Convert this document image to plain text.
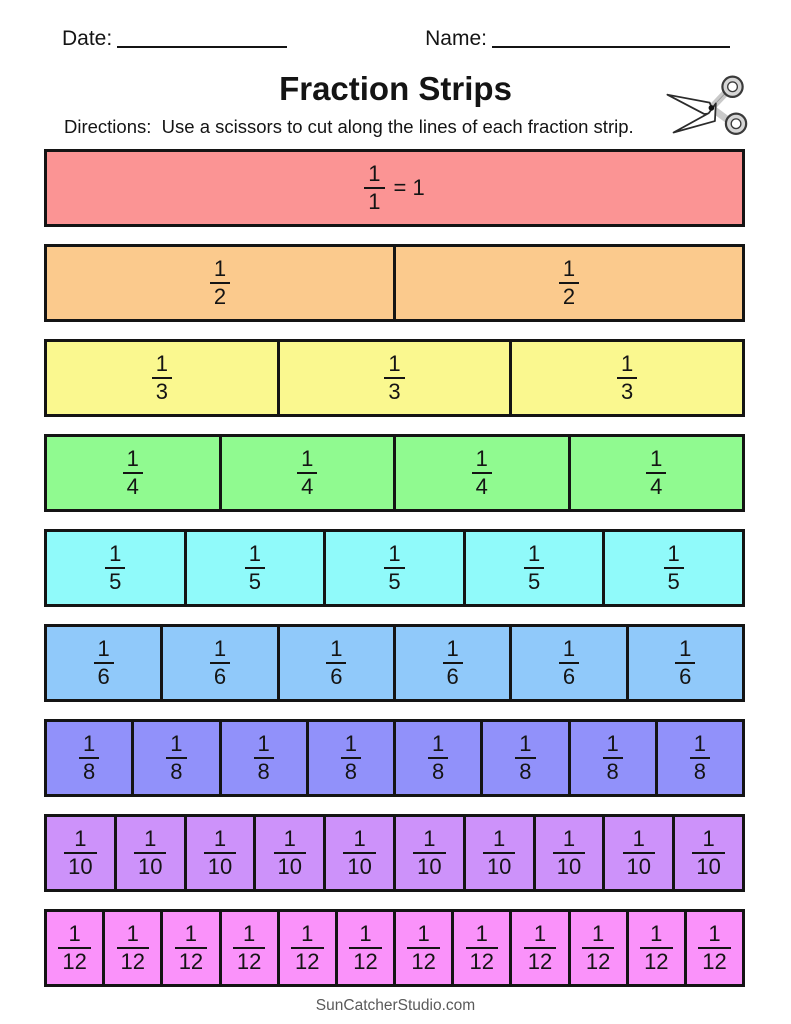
Date:	Name:
Fraction Strips
Directions:  Use a scissors to cut along the lines of each fraction strip.
$\frac{1}{1} = 1$
$\frac{1}{2}$	$\frac{1}{2}$
$\frac{1}{3}$	$\frac{1}{3}$	$\frac{1}{3}$
$\frac{1}{4}$	$\frac{1}{4}$	$\frac{1}{4}$	$\frac{1}{4}$
$\frac{1}{5}$	$\frac{1}{5}$	$\frac{1}{5}$	$\frac{1}{5}$	$\frac{1}{5}$
$\frac{1}{6}$	$\frac{1}{6}$	$\frac{1}{6}$	$\frac{1}{6}$	$\frac{1}{6}$	$\frac{1}{6}$
$\frac{1}{8}$	$\frac{1}{8}$	$\frac{1}{8}$	$\frac{1}{8}$	$\frac{1}{8}$	$\frac{1}{8}$	$\frac{1}{8}$	$\frac{1}{8}$
$\frac{1}{10} \frac{1}{10} \frac{1}{10} \frac{1}{10} \frac{1}{10} \frac{1}{10} \frac{1}{10} \frac{1}{10} \frac{1}{10} \frac{1}{10}$
$\frac{1}{12} \frac{1}{12} \frac{1}{12} \frac{1}{12} \frac{1}{12} \frac{1}{12} \frac{1}{12} \frac{1}{12} \frac{1}{12} \frac{1}{12} \frac{1}{12} \frac{1}{12}$
SunCatcherStudio.com
